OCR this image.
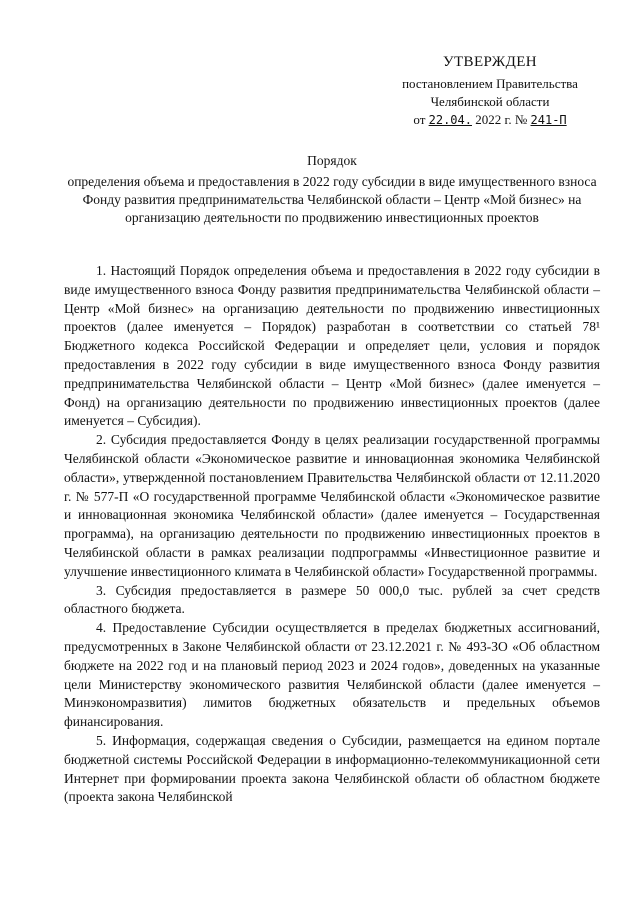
УТВЕРЖДЕН
постановлением Правительства
Челябинской области
от 22.04. 2022 г. № 241-П
Порядок
определения объема и предоставления в 2022 году субсидии в виде имущественного взноса Фонду развития предпринимательства Челябинской области – Центр «Мой бизнес» на организацию деятельности по продвижению инвестиционных проектов

1. Настоящий Порядок определения объема и предоставления в 2022 году субсидии в виде имущественного взноса Фонду развития предпринимательства Челябинской области – Центр «Мой бизнес» на организацию деятельности по продвижению инвестиционных проектов (далее именуется – Порядок) разработан в соответствии со статьей 78¹ Бюджетного кодекса Российской Федерации и определяет цели, условия и порядок предоставления в 2022 году субсидии в виде имущественного взноса Фонду развития предпринимательства Челябинской области – Центр «Мой бизнес» (далее именуется – Фонд) на организацию деятельности по продвижению инвестиционных проектов (далее именуется – Субсидия).

2. Субсидия предоставляется Фонду в целях реализации государственной программы Челябинской области «Экономическое развитие и инновационная экономика Челябинской области», утвержденной постановлением Правительства Челябинской области от 12.11.2020 г. № 577-П «О государственной программе Челябинской области «Экономическое развитие и инновационная экономика Челябинской области» (далее именуется – Государственная программа), на организацию деятельности по продвижению инвестиционных проектов в Челябинской области в рамках реализации подпрограммы «Инвестиционное развитие и улучшение инвестиционного климата в Челябинской области» Государственной программы.

3. Субсидия предоставляется в размере 50 000,0 тыс. рублей за счет средств областного бюджета.

4. Предоставление Субсидии осуществляется в пределах бюджетных ассигнований, предусмотренных в Законе Челябинской области от 23.12.2021 г. № 493-ЗО «Об областном бюджете на 2022 год и на плановый период 2023 и 2024 годов», доведенных на указанные цели Министерству экономического развития Челябинской области (далее именуется – Минэкономразвития) лимитов бюджетных обязательств и предельных объемов финансирования.

5. Информация, содержащая сведения о Субсидии, размещается на едином портале бюджетной системы Российской Федерации в информационно-телекоммуникационной сети Интернет при формировании проекта закона Челябинской области об областном бюджете (проекта закона Челябинской
